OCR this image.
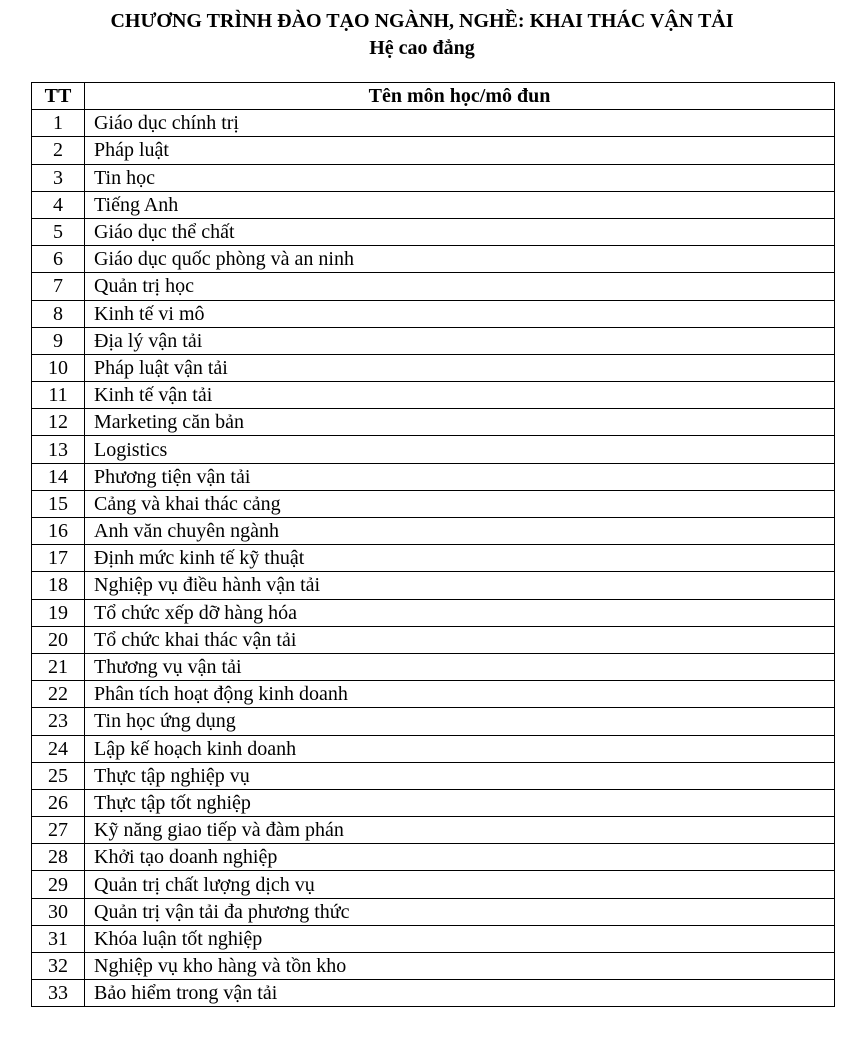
CHƯƠNG TRÌNH ĐÀO TẠO NGÀNH, NGHỀ: KHAI THÁC VẬN TẢI
Hệ cao đẳng
TT	Tên môn học/mô đun
1	Giáo dục chính trị
2	Pháp luật
3	Tin học
4	Tiếng Anh
5	Giáo dục thể chất
6	Giáo dục quốc phòng và an ninh
7	Quản trị học
8	Kinh tế vi mô
9	Địa lý vận tải
10	Pháp luật vận tải
11	Kinh tế vận tải
12	Marketing căn bản
13	Logistics
14	Phương tiện vận tải
15	Cảng và khai thác cảng
16	Anh văn chuyên ngành
17	Định mức kinh tế kỹ thuật
18	Nghiệp vụ điều hành vận tải
19	Tổ chức xếp dỡ hàng hóa
20	Tổ chức khai thác vận tải
21	Thương vụ vận tải
22	Phân tích hoạt động kinh doanh
23	Tin học ứng dụng
24	Lập kế hoạch kinh doanh
25	Thực tập nghiệp vụ
26	Thực tập tốt nghiệp
27	Kỹ năng giao tiếp và đàm phán
28	Khởi tạo doanh nghiệp
29	Quản trị chất lượng dịch vụ
30	Quản trị vận tải đa phương thức
31	Khóa luận tốt nghiệp
32	Nghiệp vụ kho hàng và tồn kho
33	Bảo hiểm trong vận tải
